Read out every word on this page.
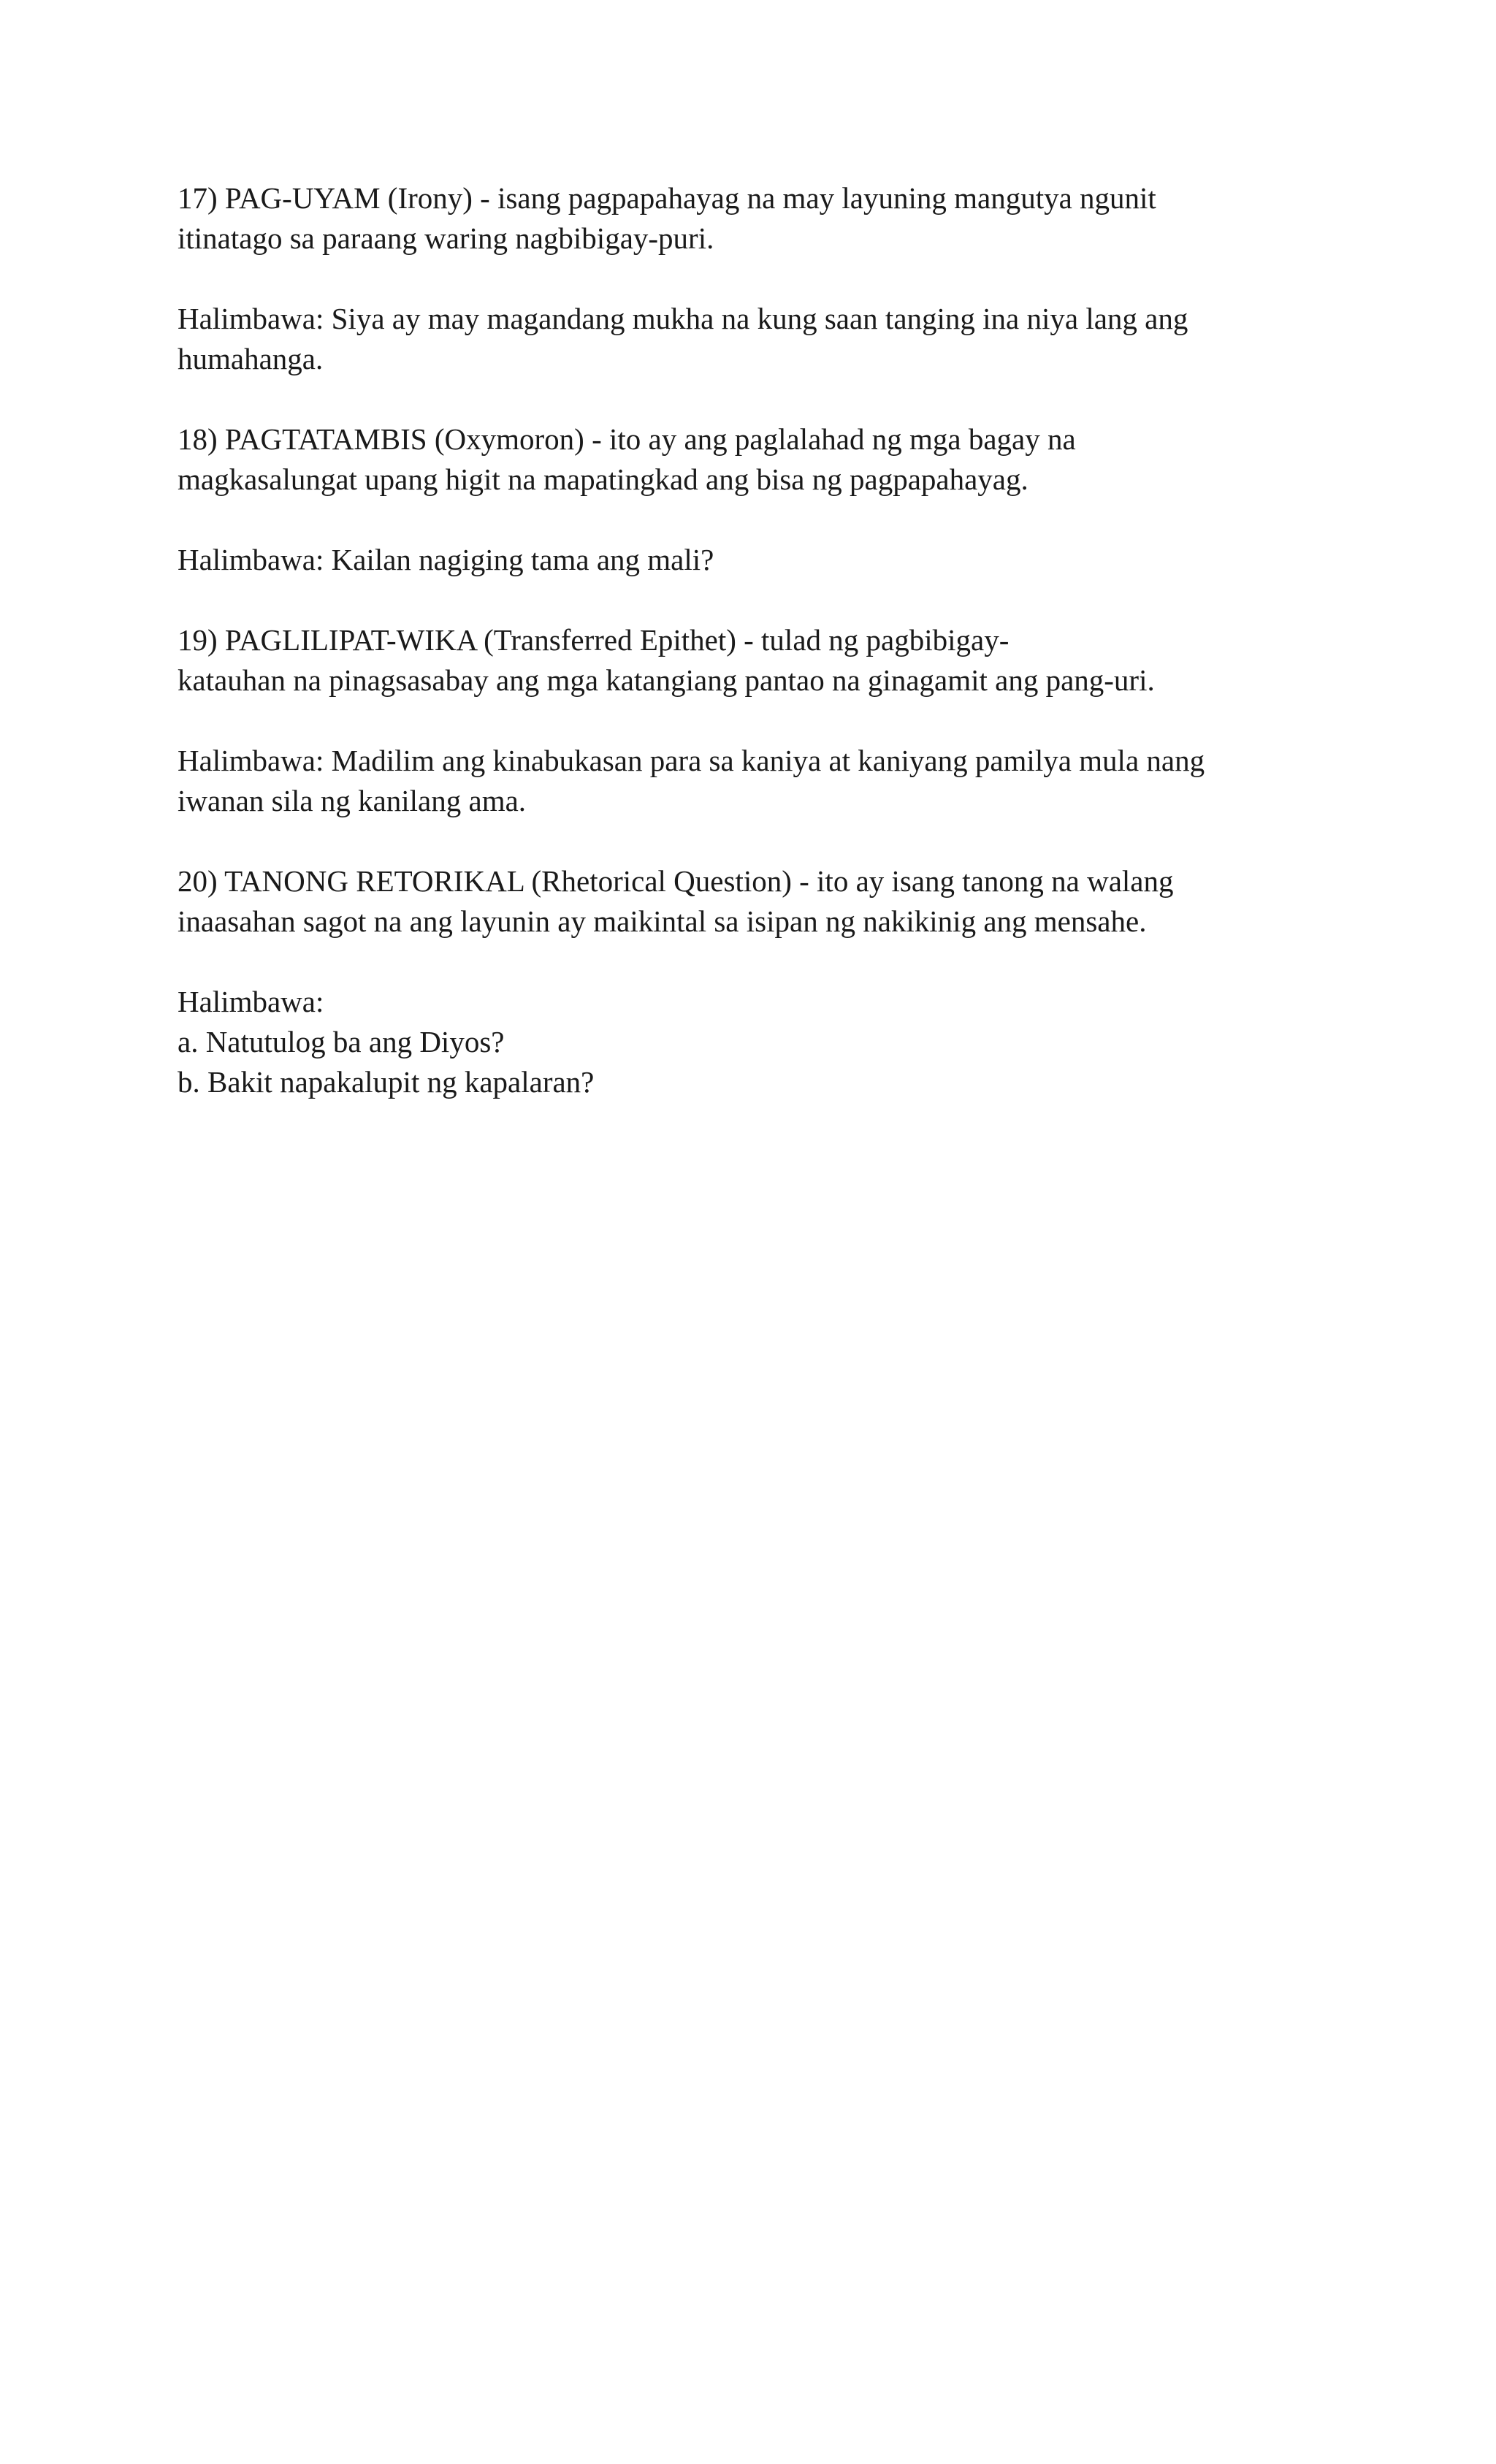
17) PAG-UYAM (Irony) - isang pagpapahayag na may layuning mangutya ngunit
itinatago sa paraang waring nagbibigay-puri.
Halimbawa: Siya ay may magandang mukha na kung saan tanging ina niya lang ang
humahanga.
18) PAGTATAMBIS (Oxymoron) - ito ay ang paglalahad ng mga bagay na
magkasalungat upang higit na mapatingkad ang bisa ng pagpapahayag.
Halimbawa: Kailan nagiging tama ang mali?
19) PAGLILIPAT-WIKA (Transferred Epithet) - tulad ng pagbibigay-
katauhan na pinagsasabay ang mga katangiang pantao na ginagamit ang pang-uri.
Halimbawa: Madilim ang kinabukasan para sa kaniya at kaniyang pamilya mula nang
iwanan sila ng kanilang ama.
20) TANONG RETORIKAL (Rhetorical Question) - ito ay isang tanong na walang
inaasahan sagot na ang layunin ay maikintal sa isipan ng nakikinig ang mensahe.
Halimbawa:
a. Natutulog ba ang Diyos?
b. Bakit napakalupit ng kapalaran?
